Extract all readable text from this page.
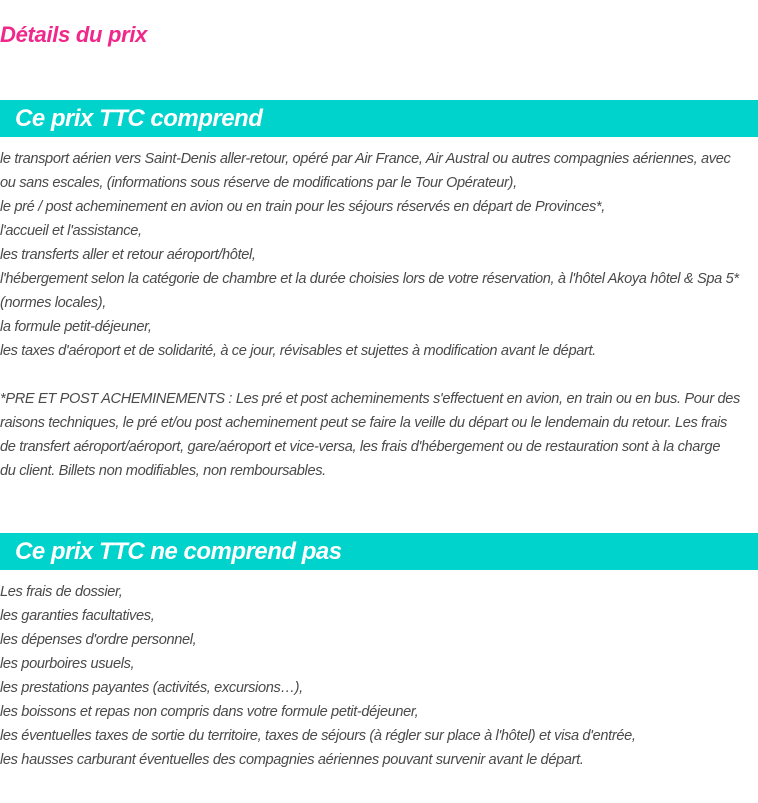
Détails du prix
Ce prix TTC comprend
le transport aérien vers Saint-Denis aller-retour, opéré par Air France, Air Austral ou autres compagnies aériennes, avec
ou sans escales, (informations sous réserve de modifications par le Tour Opérateur),
le pré / post acheminement en avion ou en train pour les séjours réservés en départ de Provinces*,
l'accueil et l'assistance,
les transferts aller et retour aéroport/hôtel,
l'hébergement selon la catégorie de chambre et la durée choisies lors de votre réservation, à l'hôtel Akoya hôtel & Spa 5*
(normes locales),
la formule petit-déjeuner,
les taxes d'aéroport et de solidarité, à ce jour, révisables et sujettes à modification avant le départ.
*PRE ET POST ACHEMINEMENTS : Les pré et post acheminements s'effectuent en avion, en train ou en bus. Pour des
raisons techniques, le pré et/ou post acheminement peut se faire la veille du départ ou le lendemain du retour. Les frais
de transfert aéroport/aéroport, gare/aéroport et vice-versa, les frais d'hébergement ou de restauration sont à la charge
du client. Billets non modifiables, non remboursables.
Ce prix TTC ne comprend pas
Les frais de dossier,
les garanties facultatives,
les dépenses d'ordre personnel,
les pourboires usuels,
les prestations payantes (activités, excursions…),
les boissons et repas non compris dans votre formule petit-déjeuner,
les éventuelles taxes de sortie du territoire, taxes de séjours (à régler sur place à l'hôtel) et visa d'entrée,
les hausses carburant éventuelles des compagnies aériennes pouvant survenir avant le départ.
